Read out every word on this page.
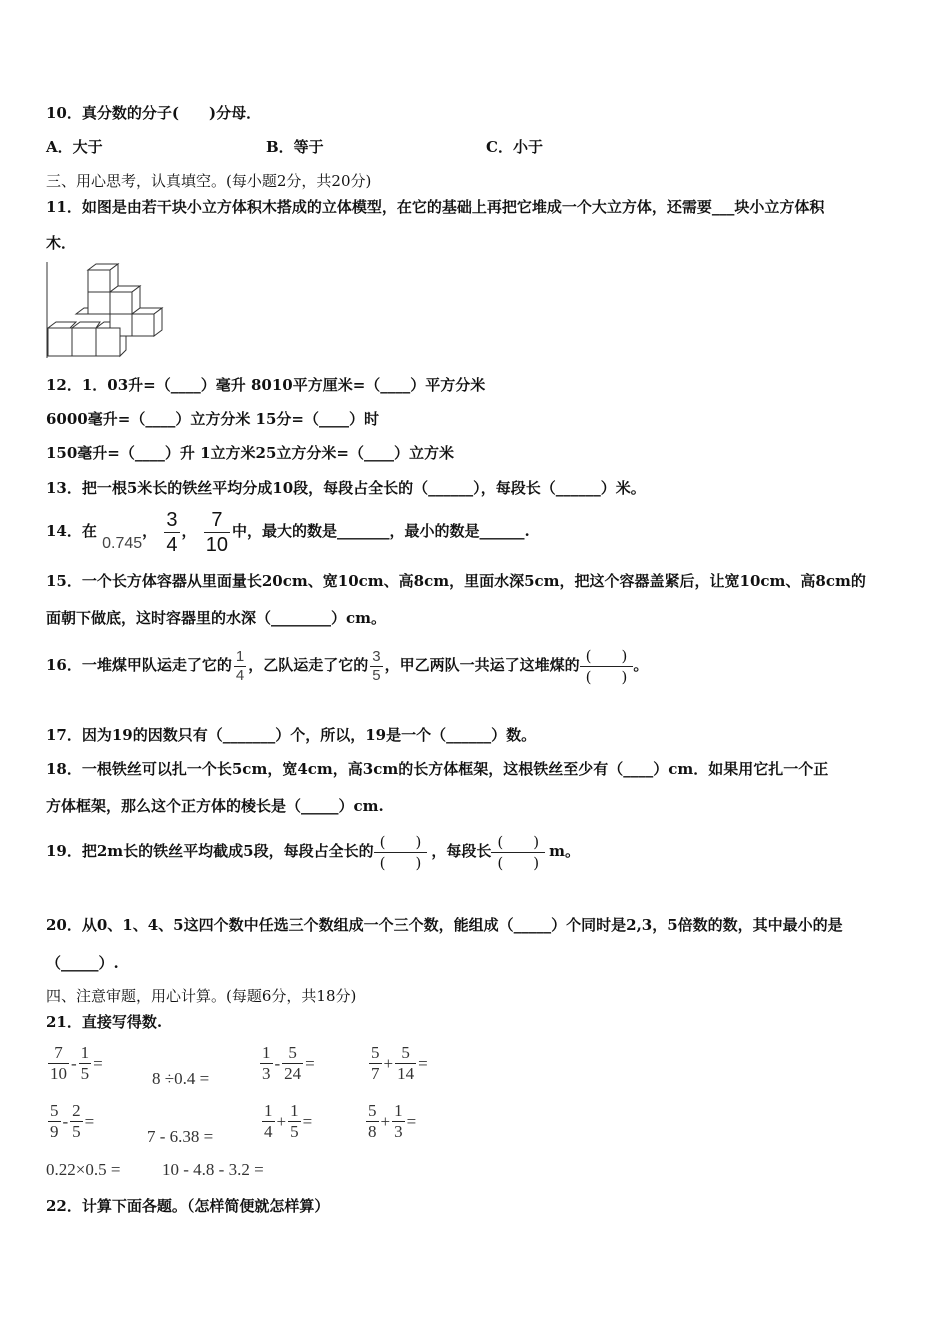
10．真分数的分子(　　)分母．
A．大于	B．等于	C．小于
三、用心思考，认真填空。(每小题2分，共20分)
11．如图是由若干块小立方体积木搭成的立体模型，在它的基础上再把它堆成一个大立方体，还需要___块小立方体积
木．
12．1．03升=（____）毫升 8010平方厘米=（____）平方分米
6000毫升=（____）立方分米 15分=（____）时
150毫升=（____）升 1立方米25立方分米=（____）立方米
13．把一根5米长的铁丝平均分成10段，每段占全长的（______），每段长（______）米。
14．在 0.745， $\frac{3}{4}$ ， $\frac{7}{10}$ 中，最大的数是_______，最小的数是______.
15．一个长方体容器从里面量长20cm、宽10cm、高8cm，里面水深5cm，把这个容器盖紧后，让宽10cm、高8cm的
面朝下做底，这时容器里的水深（________）cm。
16．一堆煤甲队运走了它的 $\frac{1}{4}$ ，乙队运走了它的 $\frac{3}{5}$ ，甲乙两队一共运了这堆煤的 $\frac{( )}{( )}$ 。
17．因为19的因数只有（_______）个，所以，19是一个（______）数。
18．一根铁丝可以扎一个长5cm，宽4cm，高3cm的长方体框架，这根铁丝至少有（____）cm．如果用它扎一个正
方体框架，那么这个正方体的棱长是（_____）cm.
19．把2m长的铁丝平均截成5段，每段占全长的 $\frac{( )}{( )}$ ，每段长 $\frac{( )}{( )}$ m。
20．从0、1、4、5这四个数中任选三个数组成一个三个数，能组成（_____）个同时是2,3，5倍数的数，其中最小的是
（_____）.
四、注意审题，用心计算。(每题6分，共18分)
21．直接写得数.
$\frac{7}{10} - \frac{1}{5}$ =
8 ÷0.4 =	$\frac{1}{3} - \frac{5}{24}$ =	$\frac{5}{7} + \frac{5}{14}$ =
$\frac{5}{9} - \frac{2}{5}$ =
7 - 6.38 =	$\frac{1}{4} + \frac{1}{5}$ =	$\frac{5}{8} + \frac{1}{3}$ =
0.22×0.5 = 10 - 4.8 - 3.2 =
22．计算下面各题。（怎样简便就怎样算）
